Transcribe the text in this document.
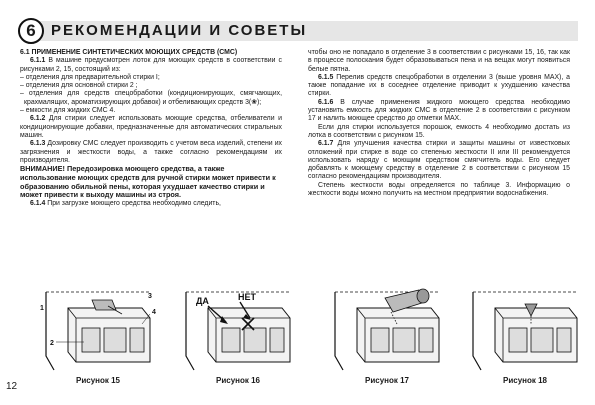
РЕКОМЕНДАЦИИ И СОВЕТЫ
6

6.1 ПРИМЕНЕНИЕ СИНТЕТИЧЕСКИХ МОЮЩИХ СРЕДСТВ (СМС)

6.1.1 В машине предусмотрен лоток для моющих средств в соответствии с рисунками 2, 15, состоящий из:

– отделения для предварительной стирки I;

– отделения для основной стирки 2 ;

– отделения для средств спецобработки (кондиционирующих, смягчающих, крахмалящих, ароматизирующих добавок) и отбеливающих средств 3(❀);

– емкости для жидких СМС 4.

6.1.2 Для стирки следует использовать моющие средства, отбеливатели и кондиционирующие добавки, предназначенные для автоматических стиральных машин.

6.1.3 Дозировку СМС следует производить с учетом веса изделий, степени их загрязнения и жесткости воды, а также согласно рекомендациям их производителя.

ВНИМАНИЕ! Передозировка моющего средства, а также использование моющих средств для ручной стирки может привести к образованию обильной пены, которая ухудшает качество стирки и может привести к выходу машины из строя.

6.1.4 При загрузке моющего средства необходимо следить,

чтобы оно не попадало в отделение 3 в соответствии с рисунками 15, 16, так как в процессе полоскания будет образовываться пена и на вещах могут появиться белые пятна.

6.1.5 Перелив средств спецобработки в отделении 3 (выше уровня MAX), а также попадание их в соседнее отделение приводит к ухудшению качества стирки.

6.1.6 В случае применения жидкого моющего средства необходимо установить емкость для жидких СМС в отделение 2 в соответствии с рисунком 17 и налить моющее средство до отметки MAX.

Если для стирки используется порошок, емкость 4 необходимо достать из лотка в соответствии с рисунком 15.

6.1.7 Для улучшения качества стирки и защиты машины от известковых отложений при стирке в воде со степенью жесткости II или III рекомендуется использовать наряду с моющим средством смягчитель воды. Его следует добавлять к моющему средству в отделение 2 в соответствии с рисунком 15 согласно рекомендациям производителя.

Степень жесткости воды определяется по таблице 3. Информацию о жесткости воды можно получить на местном предприятии водоснабжения.

1
2
3
4
Рисунок 15
ДА	НЕТ
Рисунок 16	Рисунок 17	Рисунок 18
12
